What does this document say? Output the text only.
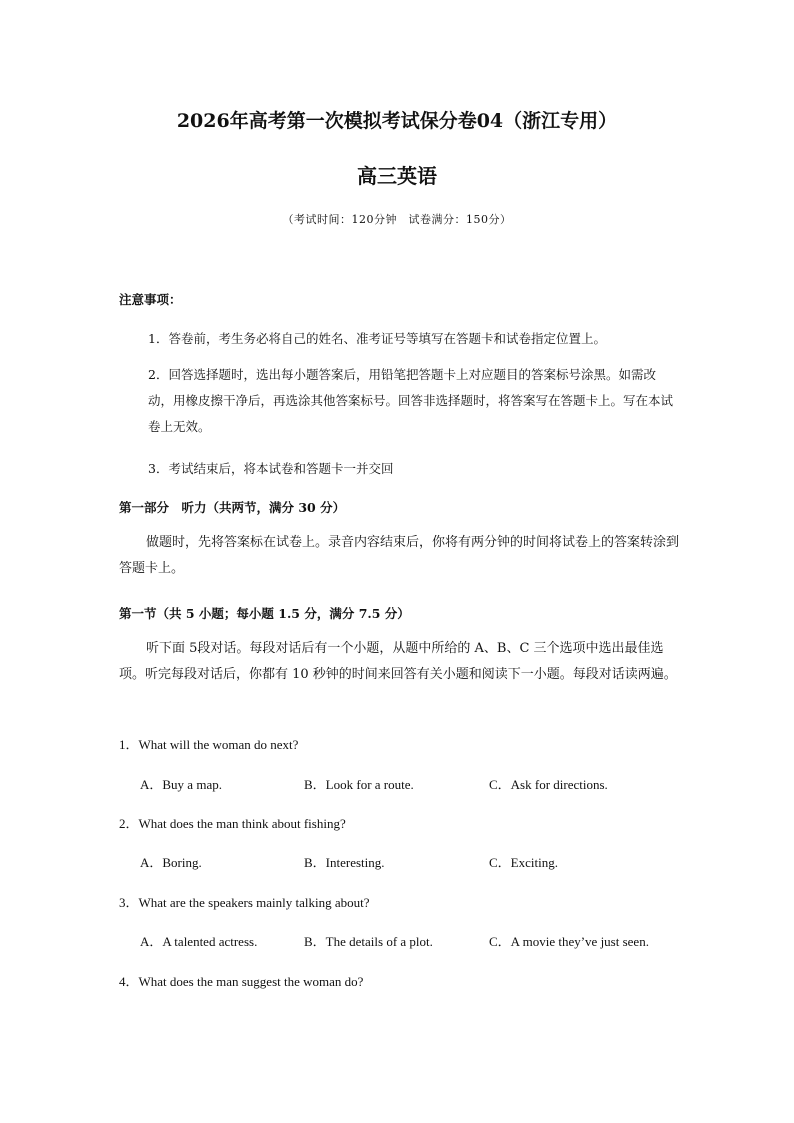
2026年高考第一次模拟考试保分卷04（浙江专用）
高三英语
（考试时间：120分钟　试卷满分：150分）
注意事项：
1．答卷前，考生务必将自己的姓名、准考证号等填写在答题卡和试卷指定位置上。
2．回答选择题时，选出每小题答案后，用铅笔把答题卡上对应题目的答案标号涂黑。如需改动，用橡皮擦干净后，再选涂其他答案标号。回答非选择题时，将答案写在答题卡上。写在本试卷上无效。
3．考试结束后，将本试卷和答题卡一并交回
第一部分　听力（共两节，满分 30 分）
做题时，先将答案标在试卷上。录音内容结束后，你将有两分钟的时间将试卷上的答案转涂到答题卡上。
第一节（共 5 小题；每小题 1.5 分，满分 7.5 分）
听下面 5段对话。每段对话后有一个小题，从题中所给的 A、B、C 三个选项中选出最佳选项。听完每段对话后，你都有 10 秒钟的时间来回答有关小题和阅读下一小题。每段对话读两遍。
1．What will the woman do next?
A．Buy a map.	B．Look for a route.	C．Ask for directions.
2．What does the man think about fishing?
A．Boring.	B．Interesting.	C．Exciting.
3．What are the speakers mainly talking about?
A．A talented actress.	B．The details of a plot.	C．A movie they’ve just seen.
4．What does the man suggest the woman do?
